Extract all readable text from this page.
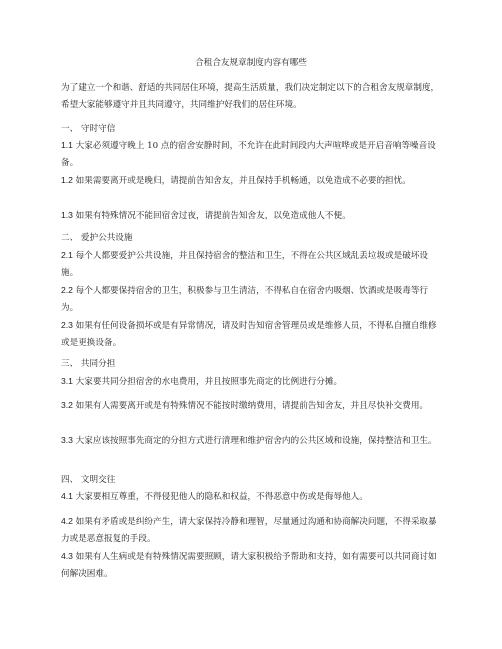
合租合友规章制度内容有哪些

为了建立一个和谐、舒适的共同居住环境，提高生活质量，我们决定制定以下的合租舍友规章制度，希望大家能够遵守并且共同遵守，共同维护好我们的居住环境。

一、 守时守信

1.1 大家必须遵守晚上 10 点的宿舍安静时间，不允许在此时间段内大声喧哗或是开启音响等噪音设备。

1.2 如果需要离开或是晚归，请提前告知舍友，并且保持手机畅通，以免造成不必要的担忧。

1.3 如果有特殊情况不能回宿舍过夜，请提前告知舍友，以免造成他人不便。

二、 爱护公共设施

2.1 每个人都要爱护公共设施，并且保持宿舍的整洁和卫生，不得在公共区域乱丢垃圾或是破坏设施。

2.2 每个人都要保持宿舍的卫生，积极参与卫生清洁，不得私自在宿舍内吸烟、饮酒或是吸毒等行为。

2.3 如果有任何设备损坏或是有异常情况，请及时告知宿舍管理员或是维修人员，不得私自擅自维修或是更换设备。

三、 共同分担

3.1 大家要共同分担宿舍的水电费用，并且按照事先商定的比例进行分摊。

3.2 如果有人需要离开或是有特殊情况不能按时缴纳费用，请提前告知舍友，并且尽快补交费用。

3.3 大家应该按照事先商定的分担方式进行清理和维护宿舍内的公共区域和设施，保持整洁和卫生。

四、 文明交往

4.1 大家要相互尊重，不得侵犯他人的隐私和权益，不得恶意中伤或是侮辱他人。

4.2 如果有矛盾或是纠纷产生，请大家保持冷静和理智，尽量通过沟通和协商解决问题，不得采取暴力或是恶意报复的手段。

4.3 如果有人生病或是有特殊情况需要照顾，请大家积极给予帮助和支持，如有需要可以共同商讨如何解决困难。
